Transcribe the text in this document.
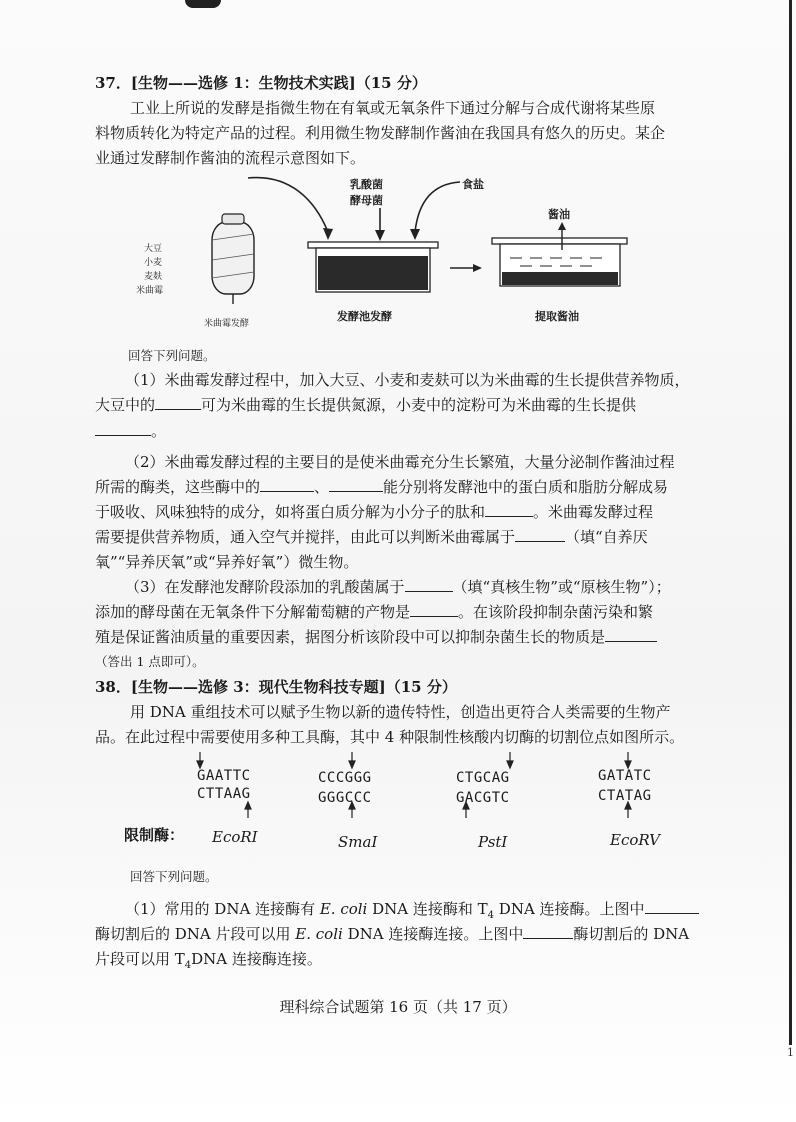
1
37．[生物——选修 1：生物技术实践]（15 分）
工业上所说的发酵是指微生物在有氧或无氧条件下通过分解与合成代谢将某些原
料物质转化为特定产品的过程。利用微生物发酵制作酱油在我国具有悠久的历史。某企
业通过发酵制作酱油的流程示意图如下。
大豆
小麦
麦麸
米曲霉
米曲霉发酵
乳酸菌
酵母菌
食盐
发酵池发酵
酱油
提取酱油
回答下列问题。
（1）米曲霉发酵过程中，加入大豆、小麦和麦麸可以为米曲霉的生长提供营养物质，
大豆中的	可为米曲霉的生长提供氮源，小麦中的淀粉可为米曲霉的生长提供
。
（2）米曲霉发酵过程的主要目的是使米曲霉充分生长繁殖，大量分泌制作酱油过程
所需的酶类，这些酶中的	、	能分别将发酵池中的蛋白质和脂肪分解成易
于吸收、风味独特的成分，如将蛋白质分解为小分子的肽和	。米曲霉发酵过程
需要提供营养物质，通入空气并搅拌，由此可以判断米曲霉属于	（填“自养厌
氧”“异养厌氧”或“异养好氧”）微生物。
（3）在发酵池发酵阶段添加的乳酸菌属于	（填“真核生物”或“原核生物”）；
添加的酵母菌在无氧条件下分解葡萄糖的产物是	。在该阶段抑制杂菌污染和繁
殖是保证酱油质量的重要因素，据图分析该阶段中可以抑制杂菌生长的物质是
（答出 1 点即可）。
38．[生物——选修 3：现代生物科技专题]（15 分）
用 DNA 重组技术可以赋予生物以新的遗传特性，创造出更符合人类需要的生物产
品。在此过程中需要使用多种工具酶，其中 4 种限制性核酸内切酶的切割位点如图所示。
GAATTC
CTTAAG
CCCGGG
GGGCCC
CTGCAG
GACGTC
GATATC
CTATAG
限制酶： EcoRⅠ	SmaⅠ	PstⅠ	EcoRV
回答下列问题。
（1）常用的 DNA 连接酶有 E. coli DNA 连接酶和 $T_4$ DNA 连接酶。上图中
酶切割后的 DNA 片段可以用 E. coli DNA 连接酶连接。上图中	酶切割后的 DNA
片段可以用 $T_4DNA$ 连接酶连接。
理科综合试题第 16 页（共 17 页）
